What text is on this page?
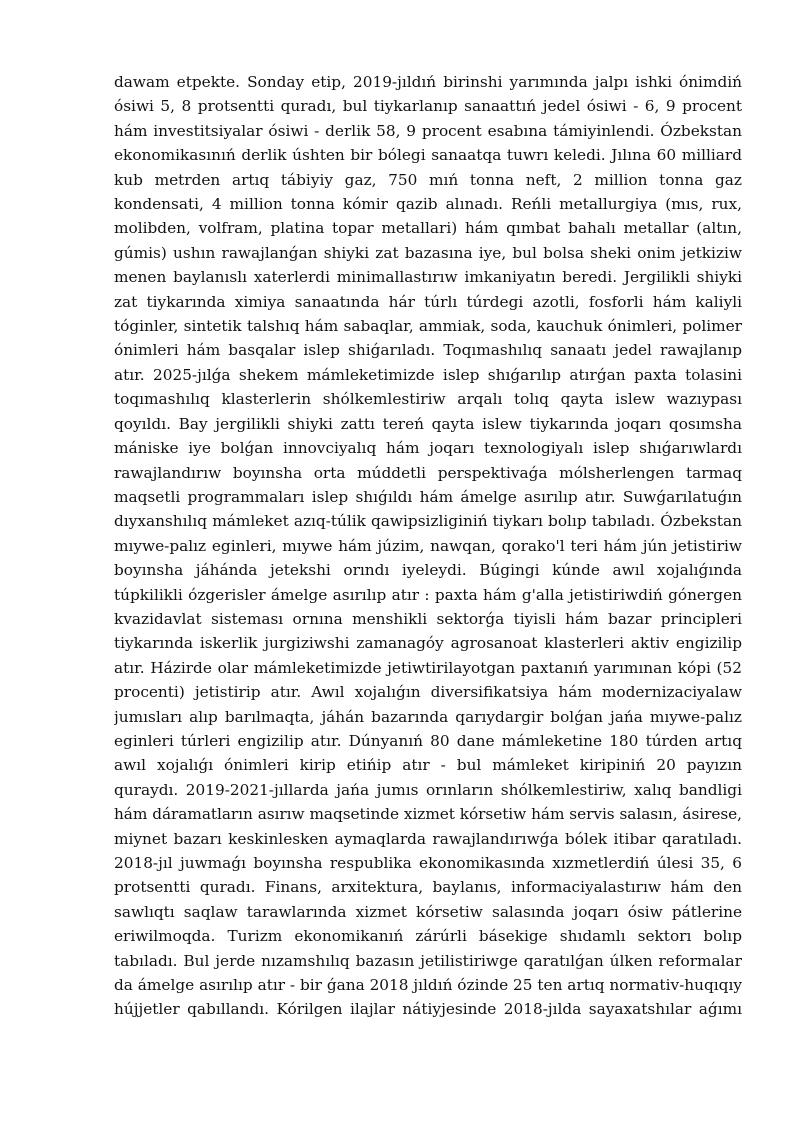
dawam etpekte. Sonday etip, 2019-jıldıń birinshi yarımında jalpı ishki ónimdiń
ósiwi 5, 8 protsentti quradı, bul tiykarlanıp sanaattıń jedel ósiwi - 6, 9 procent
hám investitsiyalar ósiwi - derlik 58, 9 procent esabına támiyinlendi. Ózbekstan
ekonomikasınıń derlik úshten bir bólegi sanaatqa tuwrı keledi. Jılına 60 milliard
kub metrden artıq tábiyiy gaz, 750 mıń tonna neft, 2 million tonna gaz
kondensati, 4 million tonna kómir qazib alınadı. Reńli metallurgiya (mıs, rux,
molibden, volfram, platina topar metallari) hám qımbat bahalı metallar (altın,
gúmis) ushın rawajlanǵan shiyki zat bazasına iye, bul bolsa sheki onim jetkiziw
menen baylanıslı xaterlerdi minimallastırıw imkaniyatın beredi. Jergilikli shiyki
zat tiykarında ximiya sanaatında hár túrlı túrdegi azotli, fosforli hám kaliyli
tóginler, sintetik talshıq hám sabaqlar, ammiak, soda, kauchuk ónimleri, polimer
ónimleri hám basqalar islep shiǵarıladı. Toqımashılıq sanaatı jedel rawajlanıp
atır. 2025-jılǵa shekem mámleketimizde islep shıǵarılıp atırǵan paxta tolasini
toqımashılıq klasterlerin shólkemlestiriw arqalı tolıq qayta islew wazıypası
qoyıldı. Bay jergilikli shiyki zattı tereń qayta islew tiykarında joqarı qosımsha
mániske iye bolǵan innovciyalıq hám joqarı texnologiyalı islep shıǵarıwlardı
rawajlandırıw boyınsha orta múddetli perspektivaǵa mólsherlengen tarmaq
maqsetli programmaları islep shıǵıldı hám ámelge asırılıp atır. Suwǵarılatuǵın
dıyxanshılıq mámleket azıq-túlik qawipsizliginiń tiykarı bolıp tabıladı. Ózbekstan
mıywe-palız eginleri, mıywe hám júzim, nawqan, qorako'l teri hám jún jetistiriw
boyınsha jáhánda jetekshi orındı iyeleydi. Búgingi kúnde awıl xojalıǵında
túpkilikli ózgerisler ámelge asırılıp atır : paxta hám g'alla jetistiriwdiń gónergen
kvazidavlat sisteması ornına menshikli sektorǵa tiyisli hám bazar principleri
tiykarında iskerlik jurgiziwshi zamanagóy agrosanoat klasterleri aktiv engizilip
atır. Házirde olar mámleketimizde jetiwtirilayotgan paxtanıń yarımınan kópi (52
procenti) jetistirip atır. Awıl xojalıǵın diversifikatsiya hám modernizaciyalaw
jumısları alıp barılmaqta, jáhán bazarında qarıydargir bolǵan jańa mıywe-palız
eginleri túrleri engizilip atır. Dúnyanıń 80 dane mámleketine 180 túrden artıq
awıl xojalıǵı ónimleri kirip etińip atır - bul mámleket kiripiniń 20 payızın
quraydı. 2019-2021-jıllarda jańa jumıs orınların shólkemlestiriw, xalıq bandligi
hám dáramatların asırıw maqsetinde xizmet kórsetiw hám servis salasın, ásirese,
miynet bazarı keskinlesken aymaqlarda rawajlandırıwǵa bólek itibar qaratıladı.
2018-jıl juwmaǵı boyınsha respublika ekonomikasında xızmetlerdiń úlesi 35, 6
protsentti quradı. Finans, arxitektura, baylanıs, informaciyalastırıw hám den
sawlıqtı saqlaw tarawlarında xizmet kórsetiw salasında joqarı ósiw pátlerine
eriwilmoqda. Turizm ekonomikanıń zárúrli básekige shıdamlı sektorı bolıp
tabıladı. Bul jerde nızamshılıq bazasın jetilistiriwge qaratılǵan úlken reformalar
da ámelge asırılıp atır - bir ǵana 2018 jıldıń ózinde 25 ten artıq normativ-huqıqıy
hújjetler qabıllandı. Kórilgen ilajlar nátiyjesinde 2018-jılda sayaxatshılar aǵımı
